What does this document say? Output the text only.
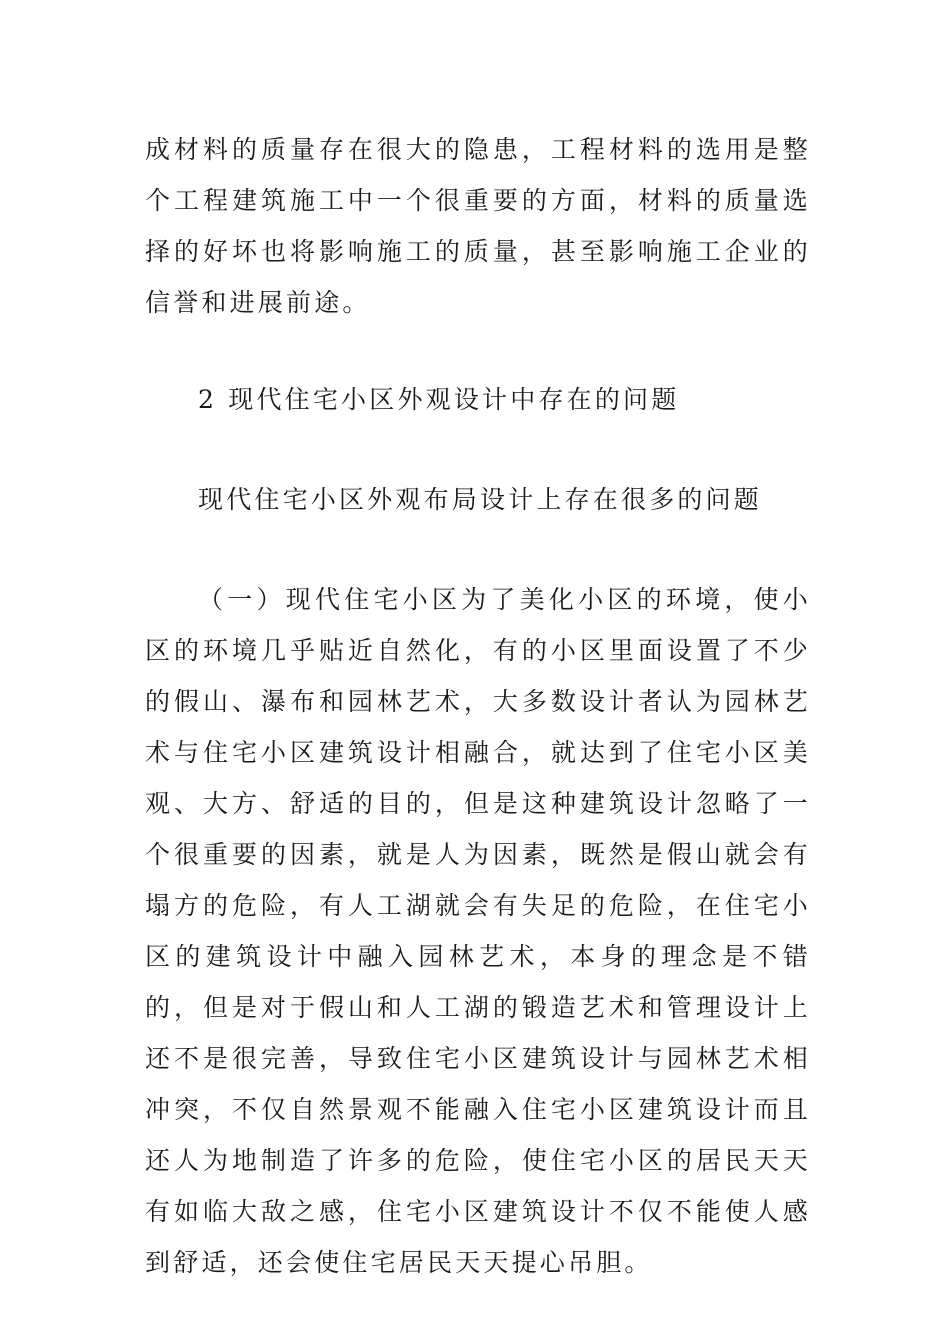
成材料的质量存在很大的隐患，工程材料的选用是整个工程建筑施工中一个很重要的方面，材料的质量选择的好坏也将影响施工的质量，甚至影响施工企业的信誉和进展前途。

2 现代住宅小区外观设计中存在的问题

现代住宅小区外观布局设计上存在很多的问题

（一）现代住宅小区为了美化小区的环境，使小区的环境几乎贴近自然化，有的小区里面设置了不少的假山、瀑布和园林艺术，大多数设计者认为园林艺术与住宅小区建筑设计相融合，就达到了住宅小区美观、大方、舒适的目的，但是这种建筑设计忽略了一个很重要的因素，就是人为因素，既然是假山就会有塌方的危险，有人工湖就会有失足的危险，在住宅小区的建筑设计中融入园林艺术，本身的理念是不错的，但是对于假山和人工湖的锻造艺术和管理设计上还不是很完善，导致住宅小区建筑设计与园林艺术相冲突，不仅自然景观不能融入住宅小区建筑设计而且还人为地制造了许多的危险，使住宅小区的居民天天有如临大敌之感，住宅小区建筑设计不仅不能使人感到舒适，还会使住宅居民天天提心吊胆。
